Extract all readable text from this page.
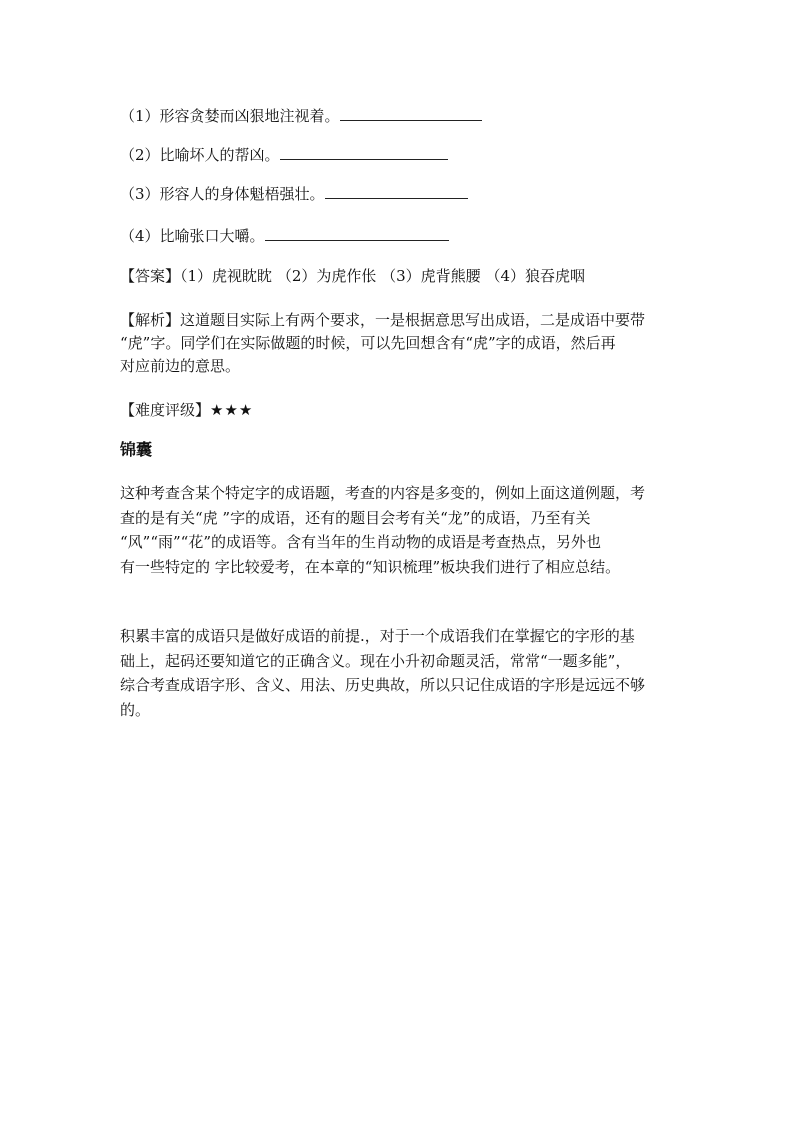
（1）形容贪婪而凶狠地注视着。
（2）比喻坏人的帮凶。
（3）形容人的身体魁梧强壮。
（4）比喻张口大嚼。
【答案】（1）虎视眈眈 （2）为虎作伥 （3）虎背熊腰 （4）狼吞虎咽

【解析】这道题目实际上有两个要求，一是根据意思写出成语，二是成语中要带

“虎”字。同学们在实际做题的时候，可以先回想含有“虎”字的成语，然后再

对应前边的意思。

【难度评级】★★★
锦囊

这种考查含某个特定字的成语题，考查的内容是多变的，例如上面这道例题，考

查的是有关“虎 ”字的成语，还有的题目会考有关“龙”的成语，乃至有关

“风”“雨”“花”的成语等。含有当年的生肖动物的成语是考查热点，另外也

有一些特定的 字比较爱考，在本章的“知识梳理”板块我们进行了相应总结。

积累丰富的成语只是做好成语的前提.，对于一个成语我们在掌握它的字形的基

础上，起码还要知道它的正确含义。现在小升初命题灵活，常常“一题多能”，

综合考查成语字形、含义、用法、历史典故，所以只记住成语的字形是远远不够

的。
